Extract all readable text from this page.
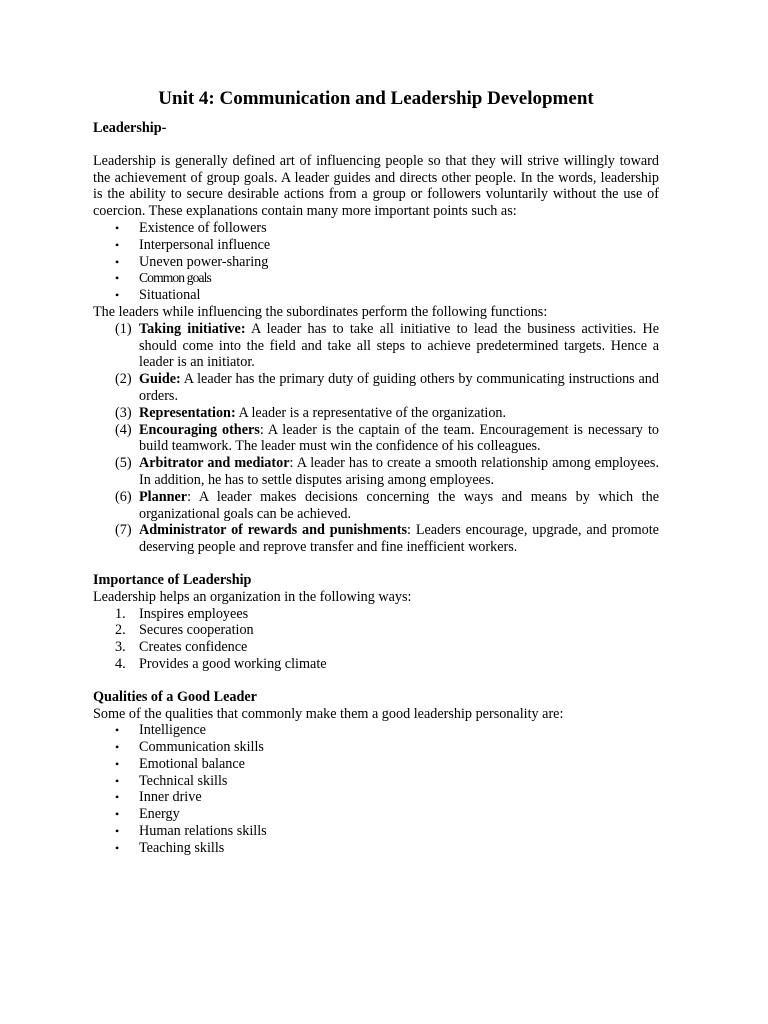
Unit 4: Communication and Leadership Development
Leadership-

Leadership is generally defined art of influencing people so that they will strive willingly toward the achievement of group goals. A leader guides and directs other people. In the words, leadership is the ability to secure desirable actions from a group or followers voluntarily without the use of coercion. These explanations contain many more important points such as:

• Existence of followers
• Interpersonal influence
• Uneven power-sharing
• Common goals
• Situational

The leaders while influencing the subordinates perform the following functions:

(1) Taking initiative: A leader has to take all initiative to lead the business activities. He should come into the field and take all steps to achieve predetermined targets. Hence a leader is an initiator.
(2) Guide: A leader has the primary duty of guiding others by communicating instructions and orders.
(3) Representation: A leader is a representative of the organization.
(4) Encouraging others: A leader is the captain of the team. Encouragement is necessary to build teamwork. The leader must win the confidence of his colleagues.
(5) Arbitrator and mediator: A leader has to create a smooth relationship among employees. In addition, he has to settle disputes arising among employees.
(6) Planner: A leader makes decisions concerning the ways and means by which the organizational goals can be achieved.
(7) Administrator of rewards and punishments: Leaders encourage, upgrade, and promote deserving people and reprove transfer and fine inefficient workers.
Importance of Leadership

Leadership helps an organization in the following ways:

1. Inspires employees
2. Secures cooperation
3. Creates confidence
4. Provides a good working climate
Qualities of a Good Leader

Some of the qualities that commonly make them a good leadership personality are:

• Intelligence
• Communication skills
• Emotional balance
• Technical skills
• Inner drive
• Energy
• Human relations skills
• Teaching skills
